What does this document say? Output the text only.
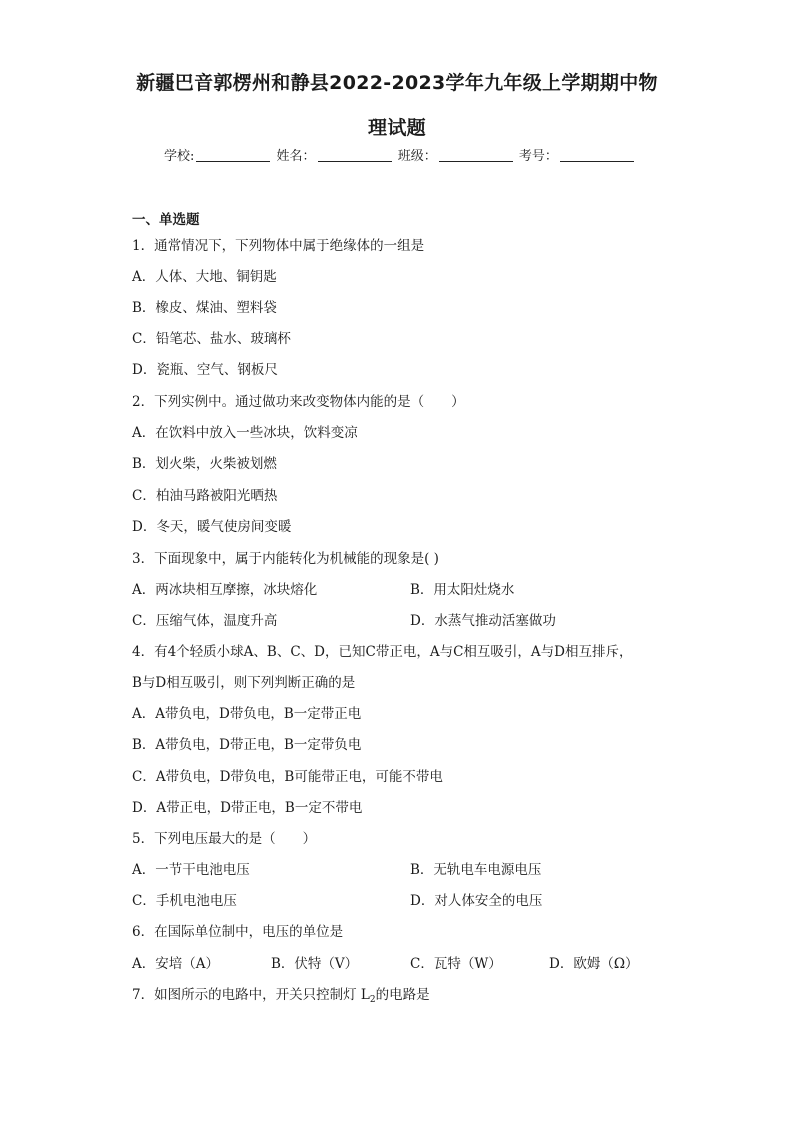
新疆巴音郭楞州和静县2022-2023学年九年级上学期期中物
理试题
学校:	姓名：	班级：	考号：
一、单选题
1．通常情况下，下列物体中属于绝缘体的一组是
A．人体、大地、铜钥匙
B．橡皮、煤油、塑料袋
C．铅笔芯、盐水、玻璃杯
D．瓷瓶、空气、钢板尺
2．下列实例中。通过做功来改变物体内能的是（　　）
A．在饮料中放入一些冰块，饮料变凉
B．划火柴，火柴被划燃
C．柏油马路被阳光晒热
D．冬天，暖气使房间变暖
3．下面现象中，属于内能转化为机械能的现象是( )
A．两冰块相互摩擦，冰块熔化	B．用太阳灶烧水
C．压缩气体，温度升高	D．水蒸气推动活塞做功
4．有4个轻质小球A、B、C、D，已知C带正电，A与C相互吸引，A与D相互排斥，
B与D相互吸引，则下列判断正确的是
A．A带负电，D带负电，B一定带正电
B．A带负电，D带正电，B一定带负电
C．A带负电，D带负电，B可能带正电，可能不带电
D．A带正电，D带正电，B一定不带电
5．下列电压最大的是（　　）
A．一节干电池电压	B．无轨电车电源电压
C．手机电池电压	D．对人体安全的电压
6．在国际单位制中，电压的单位是
A．安培（A）	B．伏特（V）	C．瓦特（W）	D．欧姆（Ω）
7．如图所示的电路中，开关只控制灯 $L_2$的电路是
